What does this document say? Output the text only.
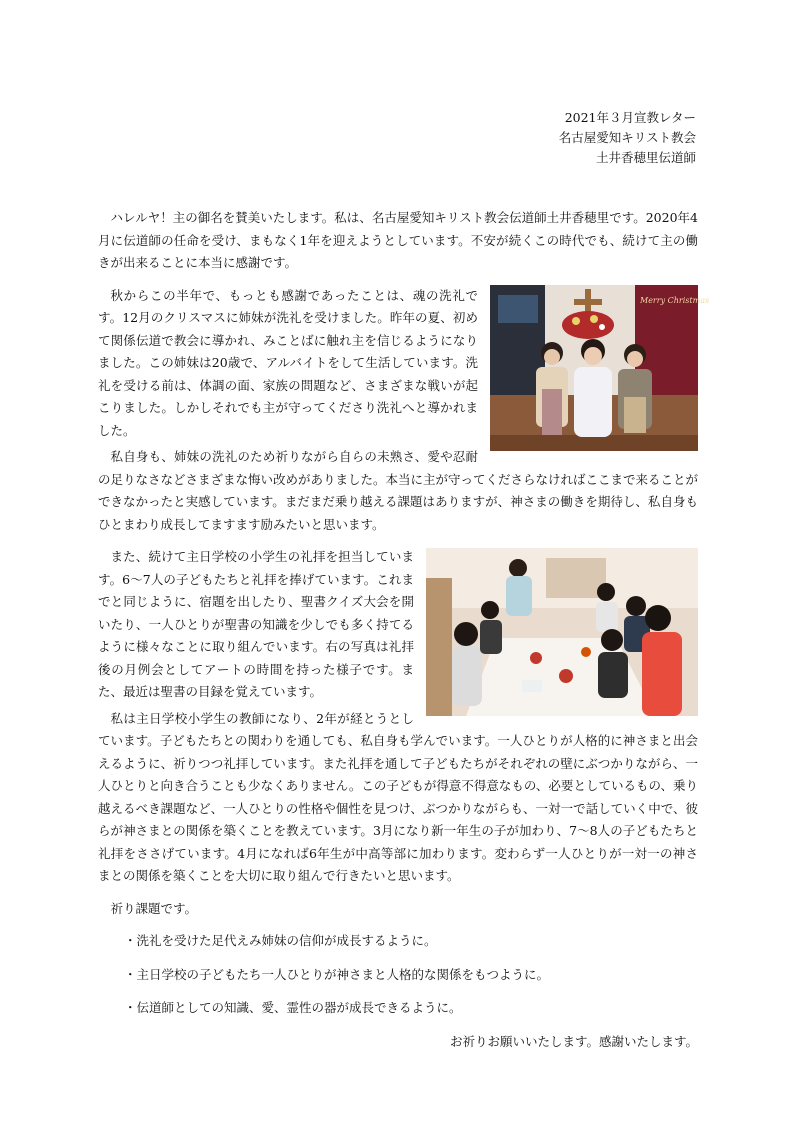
2021年３月宣教レター
名古屋愛知キリスト教会
土井香穂里伝道師

ハレルヤ！主の御名を賛美いたします。私は、名古屋愛知キリスト教会伝道師土井香穂里です。2020年4月に伝道師の任命を受け、まもなく1年を迎えようとしています。不安が続くこの時代でも、続けて主の働きが出来ることに本当に感謝です。

Merry Christmas

秋からこの半年で、もっとも感謝であったことは、魂の洗礼です。12月のクリスマスに姉妹が洗礼を受けました。昨年の夏、初めて関係伝道で教会に導かれ、みことばに触れ主を信じるようになりました。この姉妹は20歳で、アルバイトをして生活しています。洗礼を受ける前は、体調の面、家族の問題など、さまざまな戦いが起こりました。しかしそれでも主が守ってくださり洗礼へと導かれました。

私自身も、姉妹の洗礼のため祈りながら自らの未熟さ、愛や忍耐の足りなさなどさまざまな悔い改めがありました。本当に主が守ってくださらなければここまで来ることができなかったと実感しています。まだまだ乗り越える課題はありますが、神さまの働きを期待し、私自身もひとまわり成長してますます励みたいと思います。

また、続けて主日学校の小学生の礼拝を担当しています。6～7人の子どもたちと礼拝を捧げています。これまでと同じように、宿題を出したり、聖書クイズ大会を開いたり、一人ひとりが聖書の知識を少しでも多く持てるように様々なことに取り組んでいます。右の写真は礼拝後の月例会としてアートの時間を持った様子です。また、最近は聖書の目録を覚えています。

私は主日学校小学生の教師になり、2年が経とうとしています。子どもたちとの関わりを通しても、私自身も学んでいます。一人ひとりが人格的に神さまと出会えるように、祈りつつ礼拝しています。また礼拝を通して子どもたちがそれぞれの壁にぶつかりながら、一人ひとりと向き合うことも少なくありません。この子どもが得意不得意なもの、必要としているもの、乗り越えるべき課題など、一人ひとりの性格や個性を見つけ、ぶつかりながらも、一対一で話していく中で、彼らが神さまとの関係を築くことを教えています。3月になり新一年生の子が加わり、7～8人の子どもたちと礼拝をささげています。4月になれば6年生が中高等部に加わります。変わらず一人ひとりが一対一の神さまとの関係を築くことを大切に取り組んで行きたいと思います。

祈り課題です。

・洗礼を受けた足代えみ姉妹の信仰が成長するように。
・主日学校の子どもたち一人ひとりが神さまと人格的な関係をもつように。
・伝道師としての知識、愛、霊性の器が成長できるように。

お祈りお願いいたします。感謝いたします。
